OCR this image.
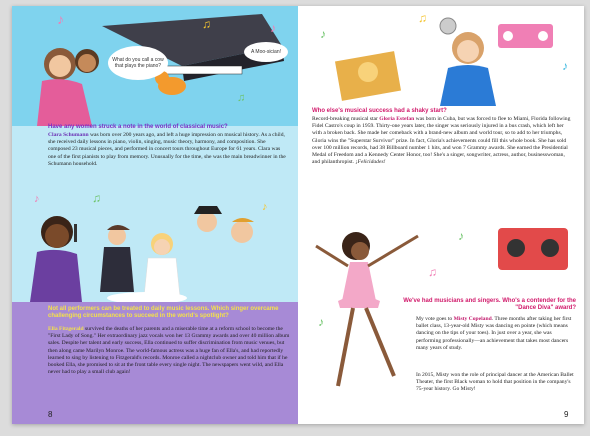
♪	♫	♪
♫
What do you call a cow that plays the piano?
A Moo-sician!
Have any women struck a note in the world of classical music?
Clara Schumann was born over 200 years ago, and left a huge impression on musical history. As a child, she received daily lessons in piano, violin, singing, music theory, harmony, and composition. She composed 23 musical pieces, and performed in concert tours throughout Europe for 61 years. Clara was one of the first pianists to play from memory. Unusually for the time, she was the main breadwinner in the Schumann household.
♪	♫
♪
Not all performers can be treated to daily music lessons. Which singer overcame challenging circumstances to succeed in the world's spotlight?
Ella Fitzgerald survived the deaths of her parents and a miserable time at a reform school to become the "First Lady of Song." Her extraordinary jazz vocals won her 13 Grammy awards and over 40 million album sales. Despite her talent and early success, Ella continued to suffer discrimination from music venues, but then along came Marilyn Monroe. The world-famous actress was a huge fan of Ella's, and had reportedly learned to sing by listening to Fitzgerald's records. Monroe called a nightclub owner and told him that if he booked Ella, she promised to sit at the front table every single night. The newspapers went wild, and Ella never had to play a small club again!
8
♪
♫
♪
Who else's musical success had a shaky start?
Record-breaking musical star Gloria Estefan was born in Cuba, but was forced to flee to Miami, Florida following Fidel Castro's coup in 1959. Thirty-one years later, the singer was seriously injured in a bus crash, which left her with a broken back. She made her comeback with a brand-new album and world tour, so to add to her triumphs, Gloria wins the "Superstar Survivor" prize. In fact, Gloria's achievements could fill this whole book. She has sold over 100 million records, had 38 Billboard number 1 hits, and won 7 Grammy awards. She earned the Presidential Medal of Freedom and a Kennedy Center Honor, too! She's a singer, songwriter, actress, author, businesswoman, and philanthropist. ¡Felicidades!
♪
♫
♪
We've had musicians and singers. Who's a contender for the "Dance Diva" award?
My vote goes to Misty Copeland. Three months after taking her first ballet class, 13-year-old Misty was dancing en pointe (which means dancing on the tips of your toes). In just over a year, she was performing professionally—an achievement that takes most dancers many years of study.
In 2015, Misty won the role of principal dancer at the American Ballet Theater, the first Black woman to hold that position in the company's 75-year history. Go Misty!
9
